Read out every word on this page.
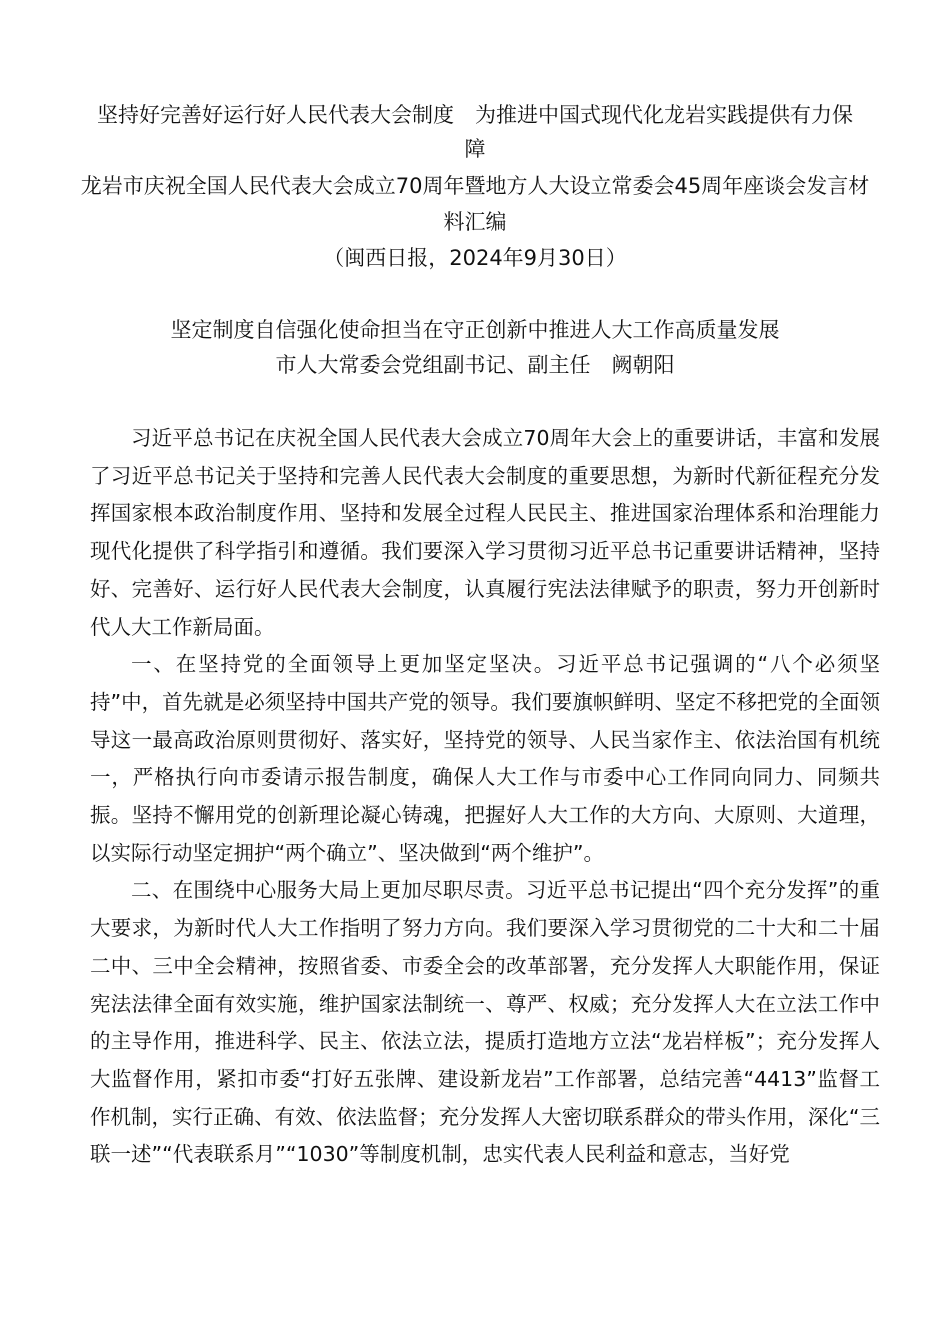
坚持好完善好运行好人民代表大会制度　为推进中国式现代化龙岩实践提供有力保障
龙岩市庆祝全国人民代表大会成立70周年暨地方人大设立常委会45周年座谈会发言材料汇编
（闽西日报，2024年9月30日）
坚定制度自信强化使命担当在守正创新中推进人大工作高质量发展
市人大常委会党组副书记、副主任　阙朝阳

习近平总书记在庆祝全国人民代表大会成立70周年大会上的重要讲话，丰富和发展了习近平总书记关于坚持和完善人民代表大会制度的重要思想，为新时代新征程充分发挥国家根本政治制度作用、坚持和发展全过程人民民主、推进国家治理体系和治理能力现代化提供了科学指引和遵循。我们要深入学习贯彻习近平总书记重要讲话精神，坚持好、完善好、运行好人民代表大会制度，认真履行宪法法律赋予的职责，努力开创新时代人大工作新局面。

一、在坚持党的全面领导上更加坚定坚决。习近平总书记强调的“八个必须坚持”中，首先就是必须坚持中国共产党的领导。我们要旗帜鲜明、坚定不移把党的全面领导这一最高政治原则贯彻好、落实好，坚持党的领导、人民当家作主、依法治国有机统一，严格执行向市委请示报告制度，确保人大工作与市委中心工作同向同力、同频共振。坚持不懈用党的创新理论凝心铸魂，把握好人大工作的大方向、大原则、大道理，以实际行动坚定拥护“两个确立”、坚决做到“两个维护”。

二、在围绕中心服务大局上更加尽职尽责。习近平总书记提出“四个充分发挥”的重大要求，为新时代人大工作指明了努力方向。我们要深入学习贯彻党的二十大和二十届二中、三中全会精神，按照省委、市委全会的改革部署，充分发挥人大职能作用，保证宪法法律全面有效实施，维护国家法制统一、尊严、权威；充分发挥人大在立法工作中的主导作用，推进科学、民主、依法立法，提质打造地方立法“龙岩样板”；充分发挥人大监督作用，紧扣市委“打好五张牌、建设新龙岩”工作部署，总结完善“4413”监督工作机制，实行正确、有效、依法监督；充分发挥人大密切联系群众的带头作用，深化“三联一述”“代表联系月”“1030”等制度机制，忠实代表人民利益和意志，当好党
